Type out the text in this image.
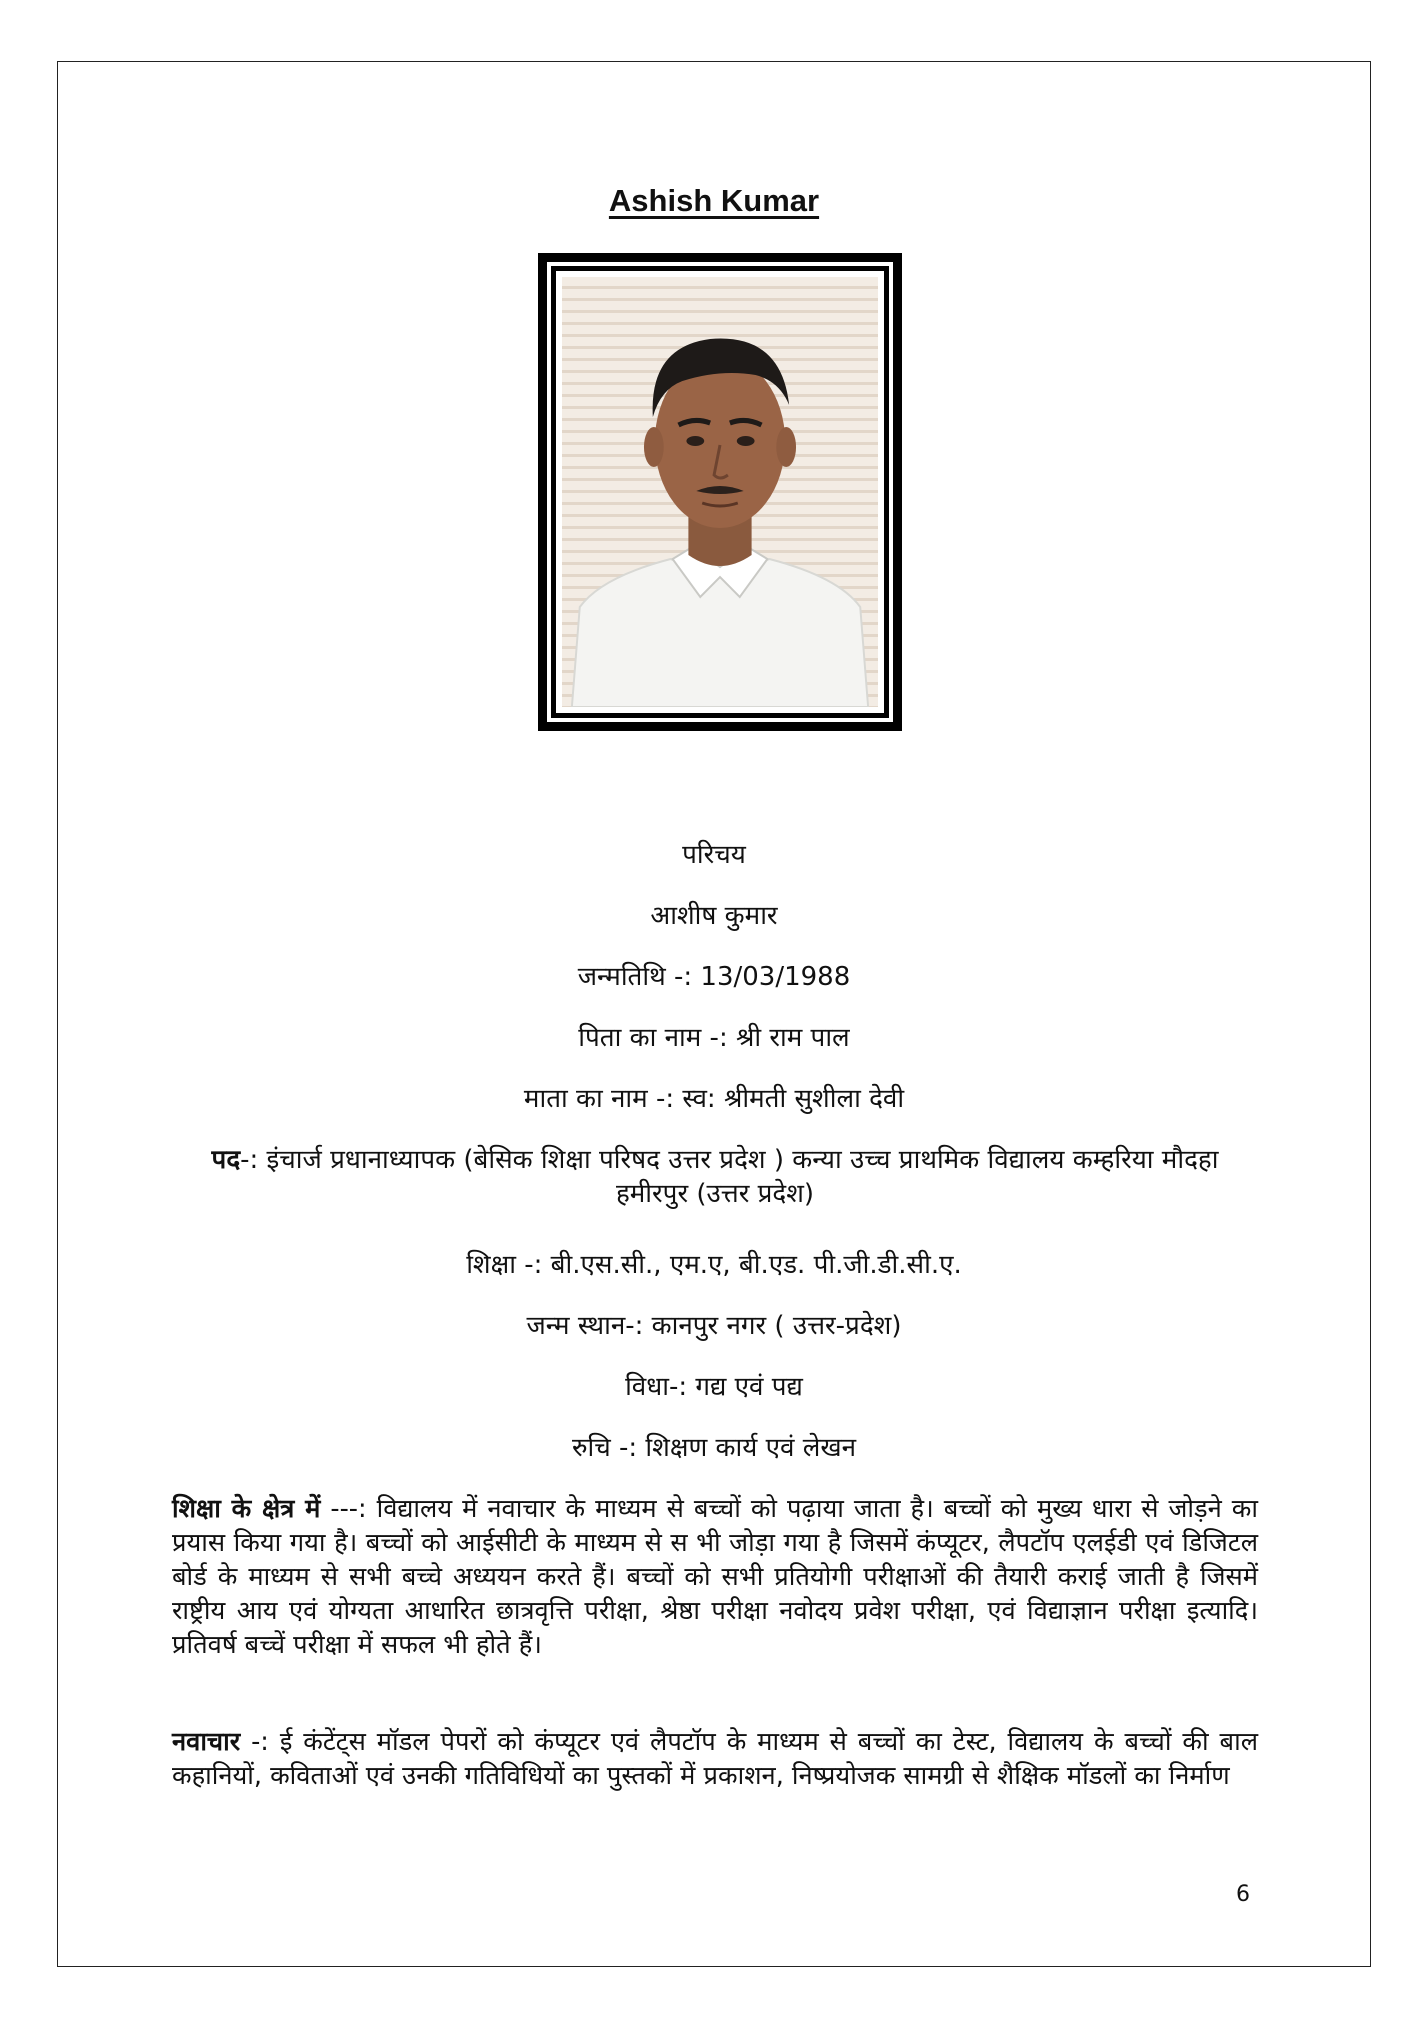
Ashish Kumar
परिचय
आशीष कुमार
जन्मतिथि -: 13/03/1988
पिता का नाम -: श्री राम पाल
माता का नाम -: स्व: श्रीमती सुशीला देवी
पद-: इंचार्ज प्रधानाध्यापक (बेसिक शिक्षा परिषद उत्तर प्रदेश ) कन्या उच्च प्राथमिक विद्यालय कम्हरिया मौदहा हमीरपुर (उत्तर प्रदेश)
शिक्षा -: बी.एस.सी., एम.ए, बी.एड. पी.जी.डी.सी.ए.
जन्म स्थान-: कानपुर नगर ( उत्तर-प्रदेश)
विधा-: गद्य एवं पद्य
रुचि -: शिक्षण कार्य एवं लेखन
शिक्षा के क्षेत्र में ---: विद्यालय में नवाचार के माध्यम से बच्चों को पढ़ाया जाता है। बच्चों को मुख्य धारा से जोड़ने का प्रयास किया गया है। बच्चों को आईसीटी के माध्यम से स भी जोड़ा गया है जिसमें कंप्यूटर, लैपटॉप एलईडी एवं डिजिटल बोर्ड के माध्यम से सभी बच्चे अध्ययन करते हैं। बच्चों को सभी प्रतियोगी परीक्षाओं की तैयारी कराई जाती है जिसमें राष्ट्रीय आय एवं योग्यता आधारित छात्रवृत्ति परीक्षा, श्रेष्ठा परीक्षा नवोदय प्रवेश परीक्षा, एवं विद्याज्ञान परीक्षा इत्यादि। प्रतिवर्ष बच्चें परीक्षा में सफल भी होते हैं।
नवाचार -: ई कंटेंट्स मॉडल पेपरों को कंप्यूटर एवं लैपटॉप के माध्यम से बच्चों का टेस्ट, विद्यालय के बच्चों की बाल कहानियों, कविताओं एवं उनकी गतिविधियों का पुस्तकों में प्रकाशन, निष्प्रयोजक सामग्री से शैक्षिक मॉडलों का निर्माण
6
